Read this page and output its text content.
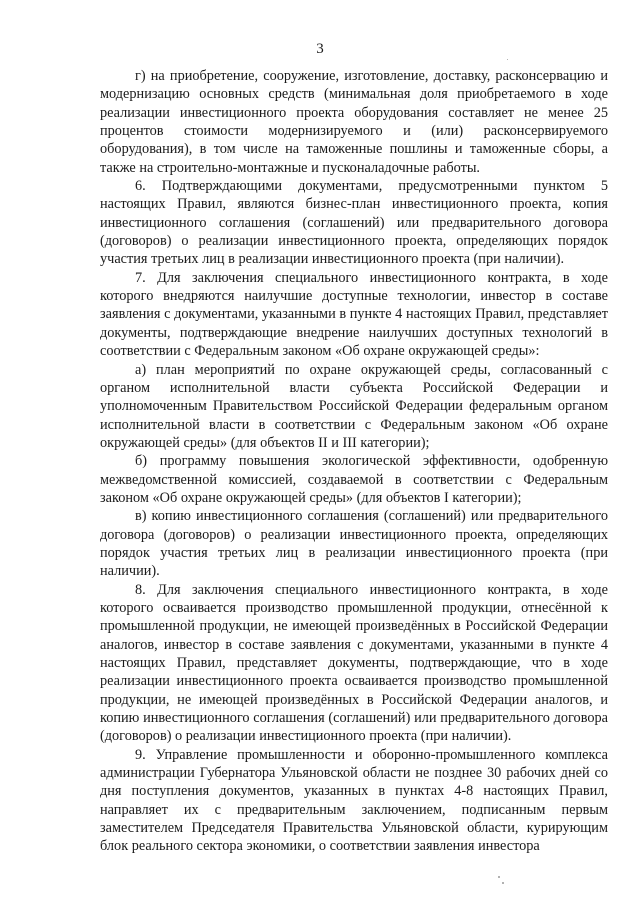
3

г) на приобретение, сооружение, изготовление, доставку, расконсервацию и модернизацию основных средств (минимальная доля приобретаемого в ходе реализации инвестиционного проекта оборудования составляет не менее 25 процентов стоимости модернизируемого и (или) расконсервируемого оборудования), в том числе на таможенные пошлины и таможенные сборы, а также на строительно-монтажные и пусконаладочные работы.

6. Подтверждающими документами, предусмотренными пунктом 5 настоящих Правил, являются бизнес-план инвестиционного проекта, копия инвестиционного соглашения (соглашений) или предварительного договора (договоров) о реализации инвестиционного проекта, определяющих порядок участия третьих лиц в реализации инвестиционного проекта (при наличии).

7. Для заключения специального инвестиционного контракта, в ходе которого внедряются наилучшие доступные технологии, инвестор в составе заявления с документами, указанными в пункте 4 настоящих Правил, представляет документы, подтверждающие внедрение наилучших доступных технологий в соответствии с Федеральным законом «Об охране окружающей среды»:

а) план мероприятий по охране окружающей среды, согласованный с органом исполнительной власти субъекта Российской Федерации и уполномоченным Правительством Российской Федерации федеральным органом исполнительной власти в соответствии с Федеральным законом «Об охране окружающей среды» (для объектов II и III категории);

б) программу повышения экологической эффективности, одобренную межведомственной комиссией, создаваемой в соответствии с Федеральным законом «Об охране окружающей среды» (для объектов I категории);

в) копию инвестиционного соглашения (соглашений) или предварительного договора (договоров) о реализации инвестиционного проекта, определяющих порядок участия третьих лиц в реализации инвестиционного проекта (при наличии).

8. Для заключения специального инвестиционного контракта, в ходе которого осваивается производство промышленной продукции, отнесённой к промышленной продукции, не имеющей произведённых в Российской Федерации аналогов, инвестор в составе заявления с документами, указанными в пункте 4 настоящих Правил, представляет документы, подтверждающие, что в ходе реализации инвестиционного проекта осваивается производство промышленной продукции, не имеющей произведённых в Российской Федерации аналогов, и копию инвестиционного соглашения (соглашений) или предварительного договора (договоров) о реализации инвестиционного проекта (при наличии).

9. Управление промышленности и оборонно-промышленного комплекса администрации Губернатора Ульяновской области не позднее 30 рабочих дней со дня поступления документов, указанных в пунктах 4-8 настоящих Правил, направляет их с предварительным заключением, подписанным первым заместителем Председателя Правительства Ульяновской области, курирующим блок реального сектора экономики, о соответствии заявления инвестора
